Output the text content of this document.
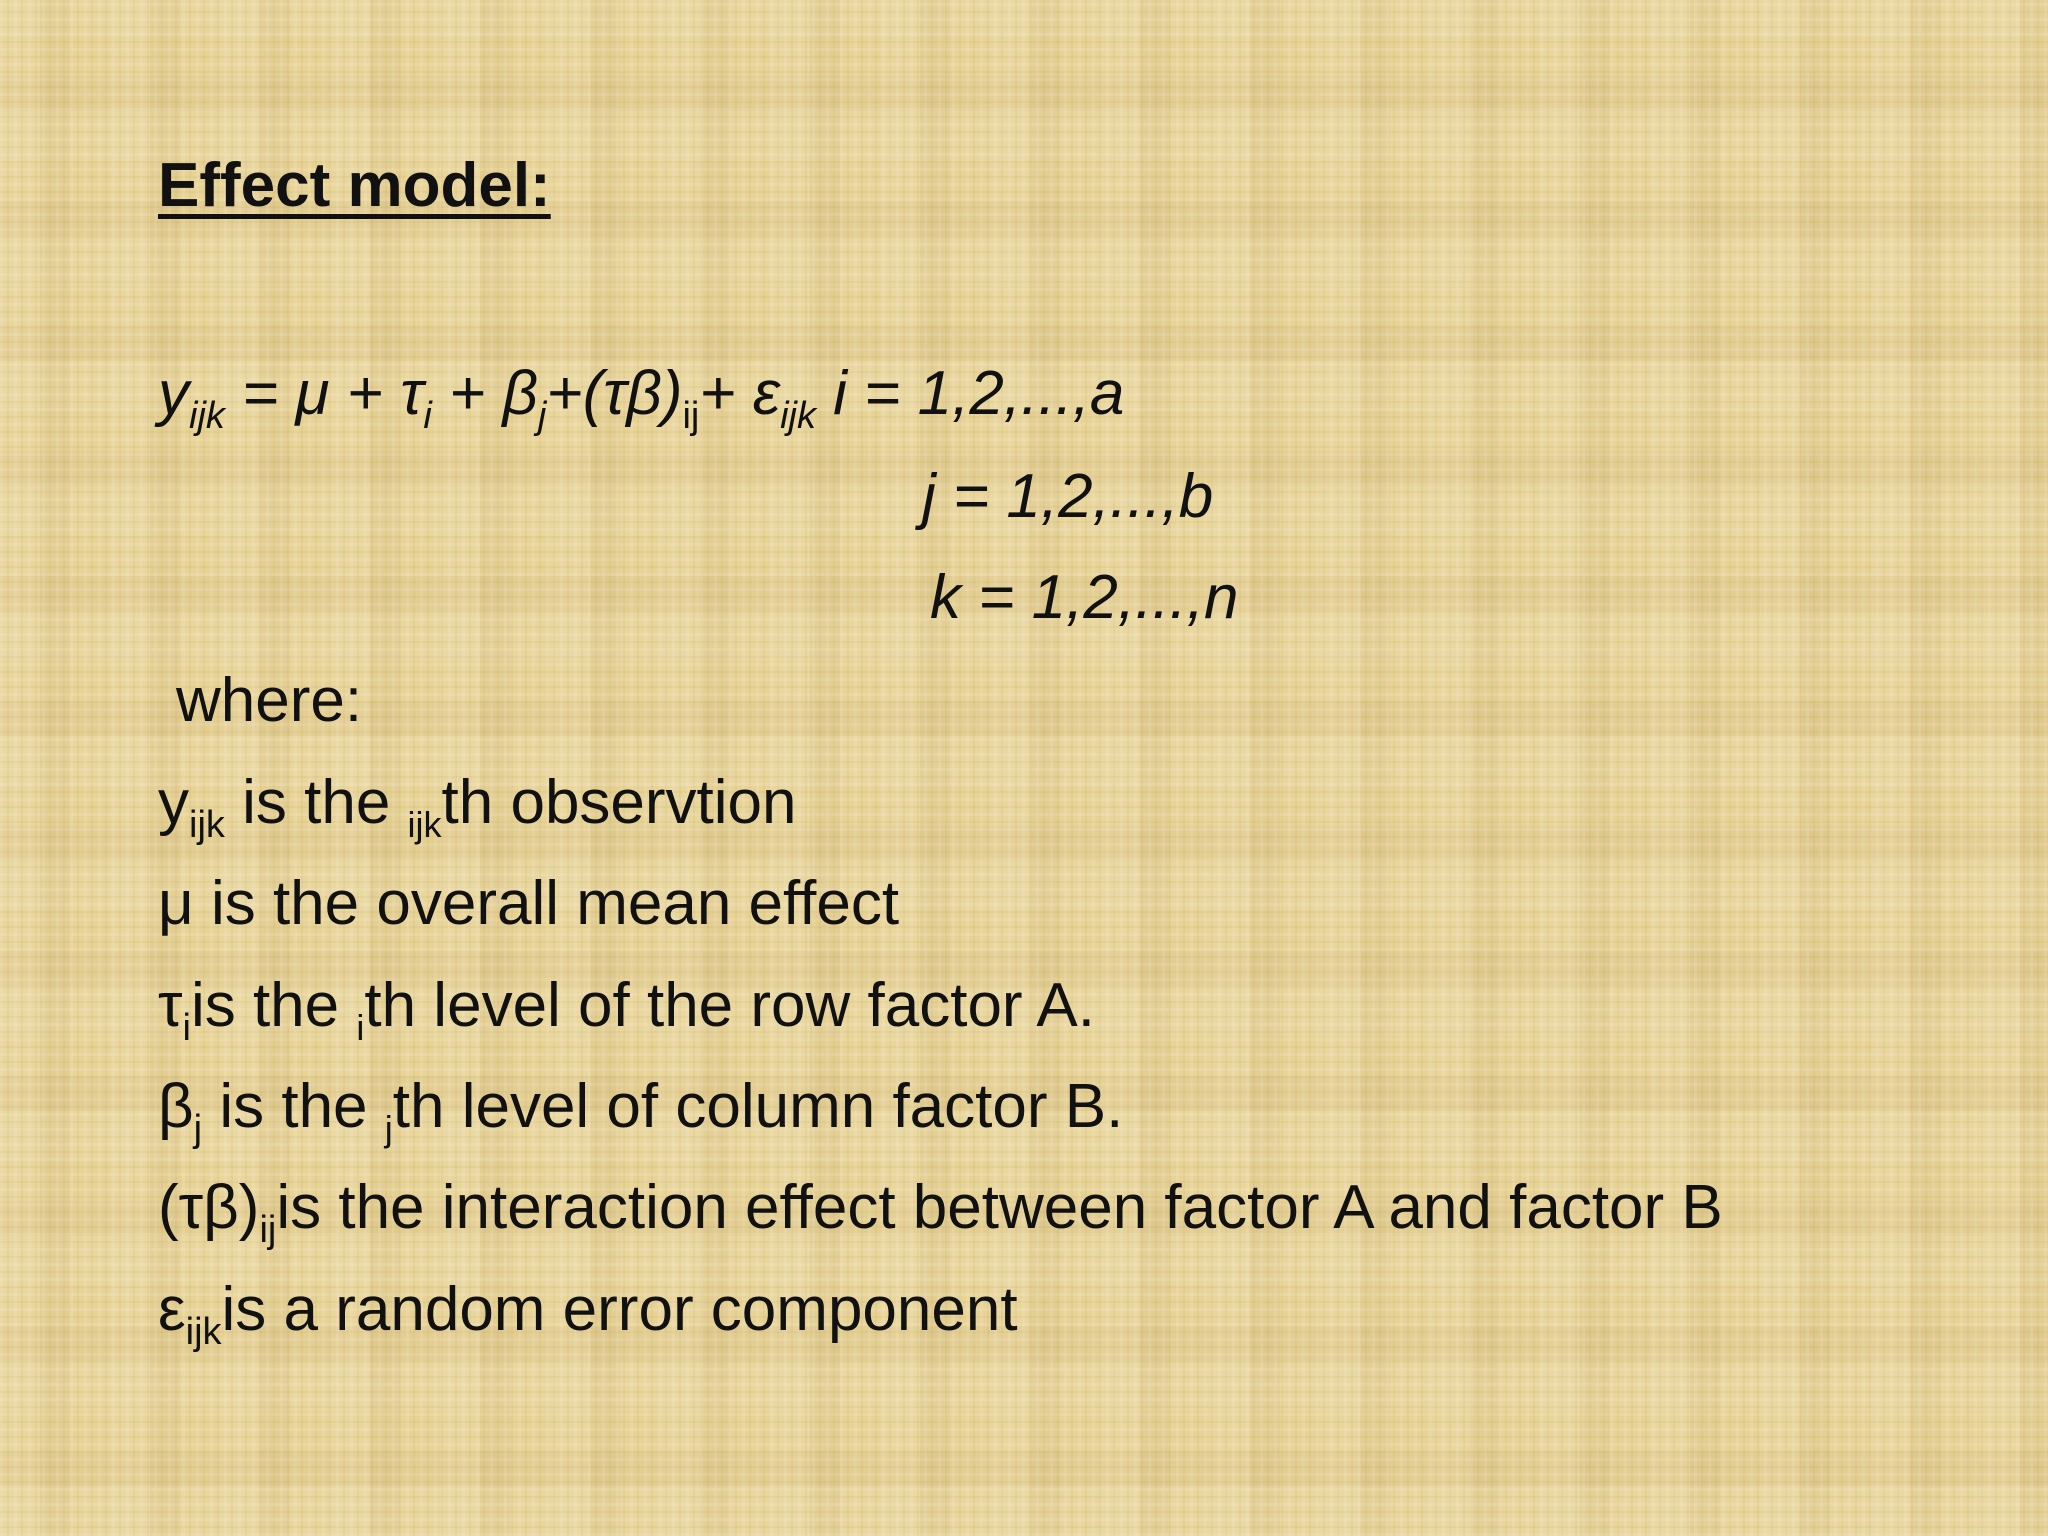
Effect model:
$y_{ijk} = \mu + \tau_i + \beta_j+(\tau\beta)_{ij}+ \varepsilon_{ijk}$ i = 1,2,...,a
j = 1,2,...,b
k = 1,2,...,n
where:
$y_{ijk}$ is the $_{ijk}$th observtion
μ is the overall mean effect
$\tau_iis$ the $_i$th level of the row factor A.
$\beta_j$ is the $_j$th level of column factor B.
$(\tau\beta)_{ij}is$ the interaction effect between factor A and factor B
$\varepsilon_{ijk}is$ a random error component
